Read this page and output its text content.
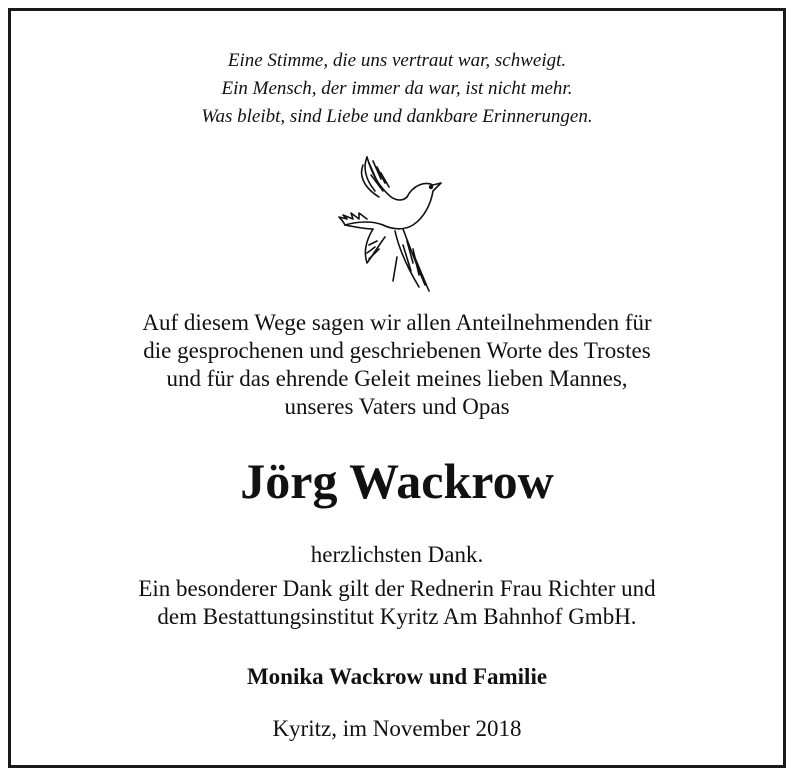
Eine Stimme, die uns vertraut war, schweigt.
Ein Mensch, der immer da war, ist nicht mehr.
Was bleibt, sind Liebe und dankbare Erinnerungen.
Auf diesem Wege sagen wir allen Anteilnehmenden für
die gesprochenen und geschriebenen Worte des Trostes
und für das ehrende Geleit meines lieben Mannes,
unseres Vaters und Opas
Jörg Wackrow
herzlichsten Dank.
Ein besonderer Dank gilt der Rednerin Frau Richter und
dem Bestattungsinstitut Kyritz Am Bahnhof GmbH.
Monika Wackrow und Familie
Kyritz, im November 2018
